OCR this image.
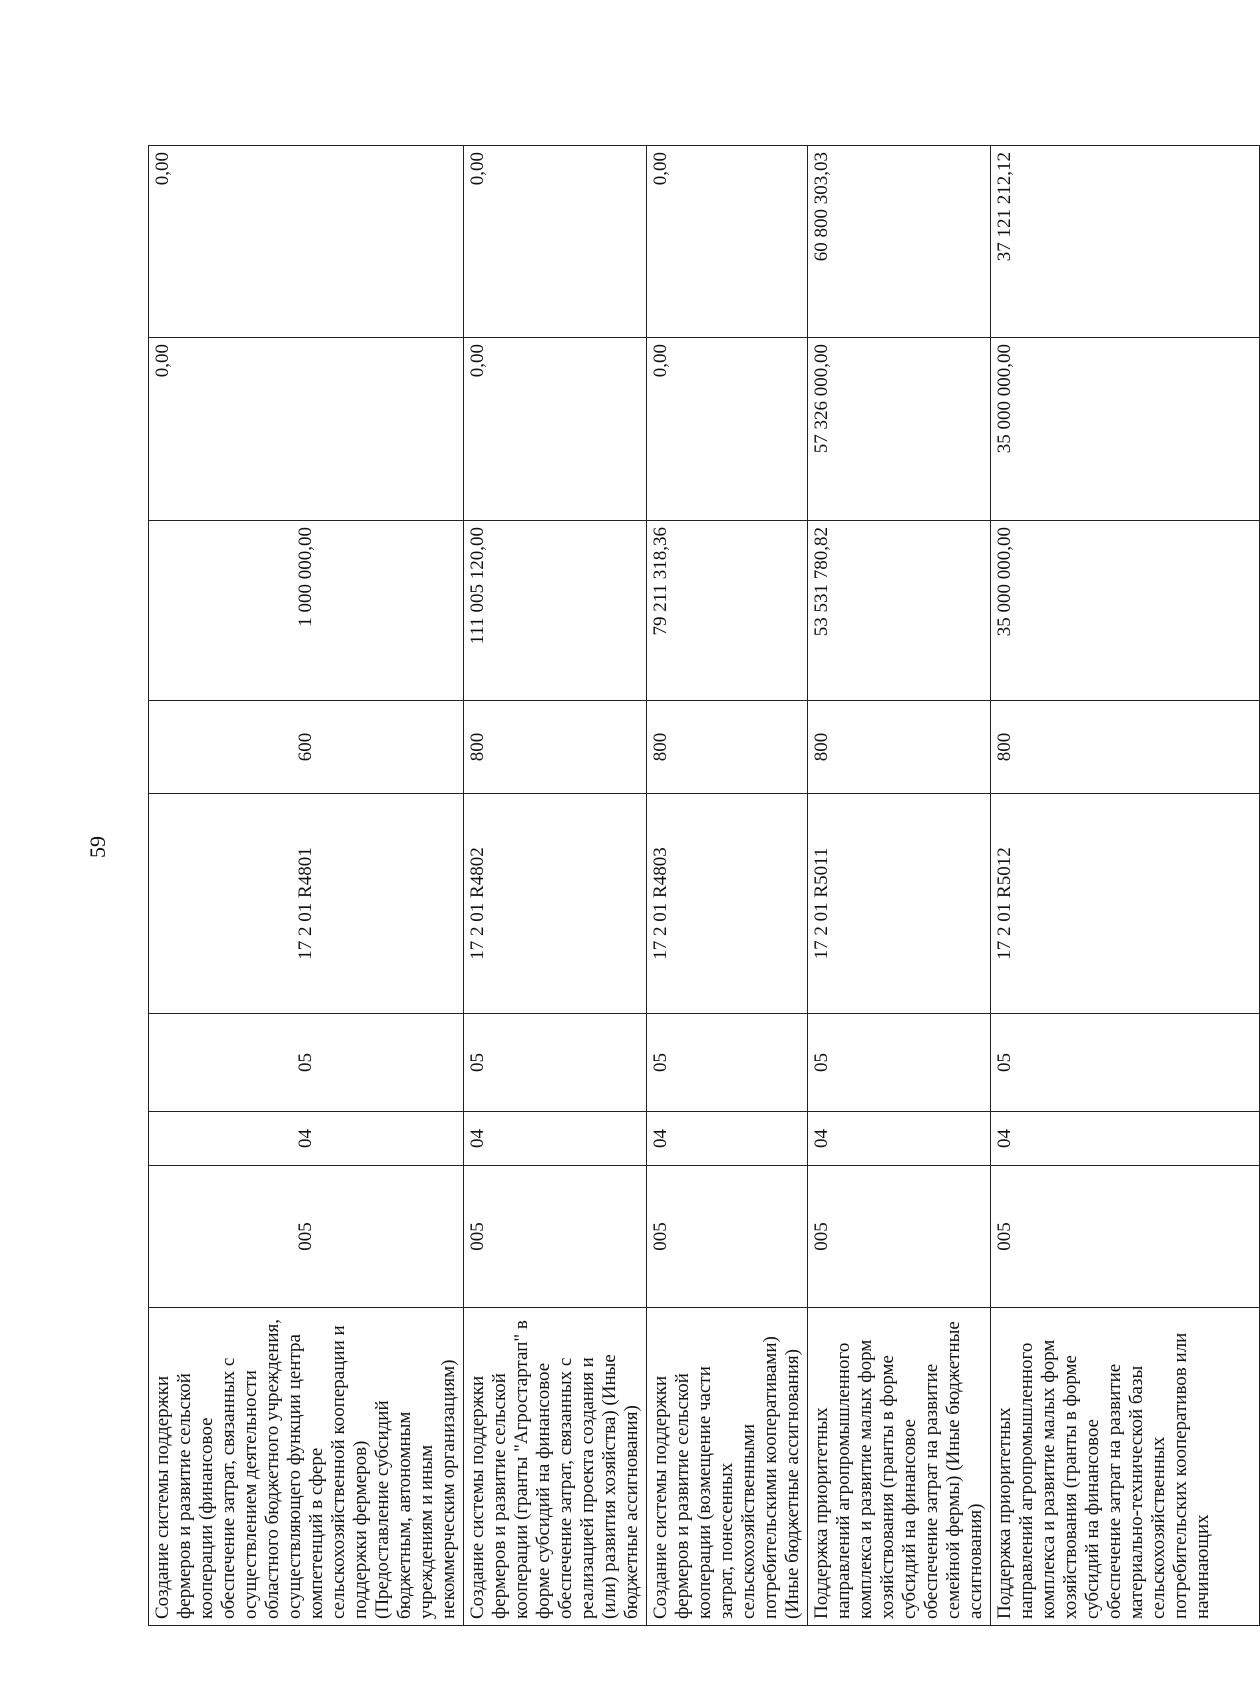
59
Создание системы поддержки фермеров и развитие сельской кооперации (финансовое обеспечение затрат, связанных с осуществлением деятельности областного бюджетного учреждения, осуществляющего функции центра компетенций в сфере сельскохозяйственной кооперации и поддержки фермеров) (Предоставление субсидий бюджетным, автономным учреждениям и иным некоммерческим организациям)	005	04	05	17 2 01 R4801	600	1 000 000,00	0,00	0,00
Создание системы поддержки фермеров и развитие сельской кооперации (гранты "Агростартап" в форме субсидий на финансовое обеспечение затрат, связанных с реализацией проекта создания и (или) развития хозяйства) (Иные бюджетные ассигнования)	005	04	05	17 2 01 R4802	800	111 005 120,00	0,00	0,00
Создание системы поддержки фермеров и развитие сельской кооперации (возмещение части затрат, понесенных сельскохозяйственными потребительскими кооперативами) (Иные бюджетные ассигнования)	005	04	05	17 2 01 R4803	800	79 211 318,36	0,00	0,00
Поддержка приоритетных направлений агропромышленного комплекса и развитие малых форм хозяйствования (гранты в форме субсидий на финансовое обеспечение затрат на развитие семейной фермы) (Иные бюджетные ассигнования)	005	04	05	17 2 01 R5011	800	53 531 780,82	57 326 000,00	60 800 303,03
Поддержка приоритетных направлений агропромышленного комплекса и развитие малых форм хозяйствования (гранты в форме субсидий на финансовое обеспечение затрат на развитие материально-технической базы сельскохозяйственных потребительских кооперативов или начинающих	005	04	05	17 2 01 R5012	800	35 000 000,00	35 000 000,00	37 121 212,12
